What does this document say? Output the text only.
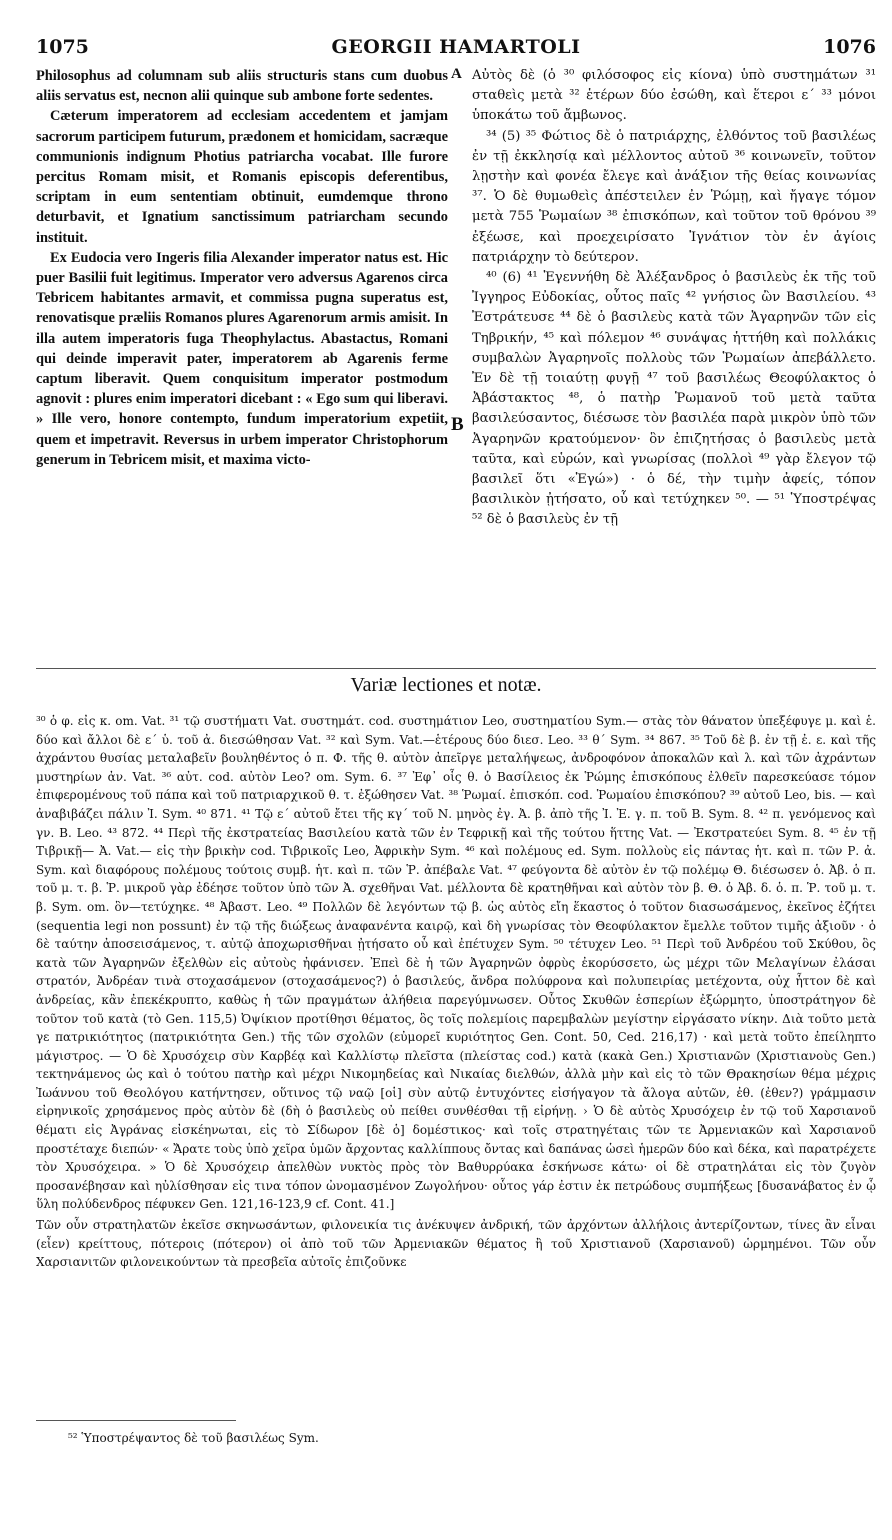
1075	GEORGII HAMARTOLI	1076

Philosophus ad columnam sub aliis structuris stans cum duobus aliis servatus est, necnon alii quinque sub ambone forte sedentes.

Cæterum imperatorem ad ecclesiam accedentem et jamjam sacrorum participem futurum, prædonem et homicidam, sacræque communionis indignum Photius patriarcha vocabat. Ille furore percitus Romam misit, et Romanis episcopis deferentibus, scriptam in eum sententiam obtinuit, eumdemque throno deturbavit, et Ignatium sanctissimum patriarcham secundo instituit.

Ex Eudocia vero Ingeris filia Alexander imperator natus est. Hic puer Basilii fuit legitimus. Imperator vero adversus Agarenos circa Tebricem habitantes armavit, et commissa pugna superatus est, renovatisque præliis Romanos plures Agarenorum armis amisit. In illa autem imperatoris fuga Theophylactus. Abastactus, Romani qui deinde imperavit pater, imperatorem ab Agarenis ferme captum liberavit. Quem conquisitum imperator postmodum agnovit : plures enim imperatori dicebant : « Ego sum qui liberavi. » Ille vero, honore contempto, fundum imperatorium expetiit, quem et impetravit. Reversus in urbem imperator Christophorum generum in Tebricem misit, et maxima victo-

A
B

Αὐτὸς δὲ (ὁ ³⁰ φιλόσοφος εἰς κίονα) ὑπὸ συστημάτων ³¹ σταθεὶς μετὰ ³² ἑτέρων δύο ἐσώθη, καὶ ἕτεροι ε´ ³³ μόνοι ὑποκάτω τοῦ ἄμβωνος.

³⁴ (5) ³⁵ Φώτιος δὲ ὁ πατριάρχης, ἐλθόντος τοῦ βασιλέως ἐν τῇ ἐκκλησίᾳ καὶ μέλλοντος αὐτοῦ ³⁶ κοινωνεῖν, τοῦτον λῃστὴν καὶ φονέα ἔλεγε καὶ ἀνάξιον τῆς θείας κοινωνίας ³⁷. Ὁ δὲ θυμωθεὶς ἀπέστειλεν ἐν Ῥώμῃ, καὶ ἤγαγε τόμον μετὰ 755 Ῥωμαίων ³⁸ ἐπισκόπων, καὶ τοῦτον τοῦ θρόνου ³⁹ ἐξέωσε, καὶ προεχειρίσατο Ἰγνάτιον τὸν ἐν ἁγίοις πατριάρχην τὸ δεύτερον.

⁴⁰ (6) ⁴¹ Ἐγεννήθη δὲ Ἀλέξανδρος ὁ βασιλεὺς ἐκ τῆς τοῦ Ἰγγηρος Εὐδοκίας, οὗτος παῖς ⁴² γνήσιος ὢν Βασιλείου. ⁴³ Ἐστράτευσε ⁴⁴ δὲ ὁ βασιλεὺς κατὰ τῶν Ἀγαρηνῶν τῶν εἰς Τηβρικήν, ⁴⁵ καὶ πόλεμον ⁴⁶ συνάψας ἡττήθη καὶ πολλάκις συμβαλὼν Ἀγαρηνοῖς πολλοὺς τῶν Ῥωμαίων ἀπεβάλλετο. Ἐν δὲ τῇ τοιαύτῃ φυγῇ ⁴⁷ τοῦ βασιλέως Θεοφύλακτος ὁ Ἀβάστακτος ⁴⁸, ὁ πατὴρ Ῥωμανοῦ τοῦ μετὰ ταῦτα βασιλεύσαντος, διέσωσε τὸν βασιλέα παρὰ μικρὸν ὑπὸ τῶν Ἀγαρηνῶν κρατούμενον· ὃν ἐπιζητήσας ὁ βασιλεὺς μετὰ ταῦτα, καὶ εὑρών, καὶ γνωρίσας (πολλοὶ ⁴⁹ γὰρ ἔλεγον τῷ βασιλεῖ ὅτι «Ἐγώ») · ὁ δέ, τὴν τιμὴν ἀφείς, τόπον βασιλικὸν ᾐτήσατο, οὗ καὶ τετύχηκεν ⁵⁰. — ⁵¹ Ὑποστρέψας ⁵² δὲ ὁ βασιλεὺς ἐν τῇ

Variæ lectiones et notæ.

³⁰ ὁ φ. εἰς κ. om. Vat. ³¹ τῷ συστήματι Vat. συστημάτ. cod. συστημάτιον Leo, συστηματίου Sym.— στὰς τὸν θάνατον ὑπεξέφυγε μ. καὶ ἑ. δύο καὶ ἄλλοι δὲ ε´ ὑ. τοῦ ἀ. διεσώθησαν Vat. ³² καὶ Sym. Vat.—ἑτέρους δύο διεσ. Leo. ³³ θ´ Sym. ³⁴ 867. ³⁵ Τοῦ δὲ β. ἐν τῇ ἐ. ε. καὶ τῆς ἀχράντου θυσίας μεταλαβεῖν βουληθέντος ὁ π. Φ. τῆς θ. αὐτὸν ἀπεῖργε μεταλήψεως, ἀνδροφόνον ἀποκαλῶν καὶ λ. καὶ τῶν ἀχράντων μυστηρίων ἀν. Vat. ³⁶ αὐτ. cod. αὐτὸν Leo? om. Sym. 6. ³⁷ Ἐφ᾽ οἷς θ. ὁ Βασίλειος ἐκ Ῥώμης ἐπισκόπους ἐλθεῖν παρεσκεύασε τόμον ἐπιφερομένους τοῦ πάπα καὶ τοῦ πατριαρχικοῦ θ. τ. ἐξώθησεν Vat. ³⁸ Ῥωμαί. ἐπισκόπ. cod. Ῥωμαίου ἐπισκόπου? ³⁹ αὐτοῦ Leo, bis. — καὶ ἀναβιβάζει πάλιν Ἰ. Sym. ⁴⁰ 871. ⁴¹ Τῷ ε´ αὐτοῦ ἔτει τῆς κγ´ τοῦ Ν. μηνὸς ἐγ. Ἀ. β. ἀπὸ τῆς Ἰ. Ἐ. γ. π. τοῦ Β. Sym. 8. ⁴² π. γενόμενος καὶ γν. Β. Leo. ⁴³ 872. ⁴⁴ Περὶ τῆς ἐκστρατείας Βασιλείου κατὰ τῶν ἐν Τεφρικῇ καὶ τῆς τούτου ἥττης Vat. — Ἐκστρατεύει Sym. 8. ⁴⁵ ἐν τῇ Τιβρικῇ— Ἀ. Vat.— εἰς τὴν βρικὴν cod. Τιβρικοῖς Leo, Ἀφρικὴν Sym. ⁴⁶ καὶ πολέμους ed. Sym. πολλοὺς εἰς πάντας ἡτ. καὶ π. τῶν Ρ. ἀ. Sym. καὶ διαφόρους πολέμους τούτοις συμβ. ἡτ. καὶ π. τῶν Ῥ. ἀπέβαλε Vat. ⁴⁷ φεύγοντα δὲ αὐτὸν ἐν τῷ πολέμῳ Θ. διέσωσεν ὁ. Ἀβ. ὁ π. τοῦ μ. τ. β. Ῥ. μικροῦ γὰρ ἐδέησε τοῦτον ὑπὸ τῶν Ἀ. σχεθῆναι Vat. μέλλοντα δὲ κρατηθῆναι καὶ αὐτὸν τὸν β. Θ. ὁ Ἀβ. δ. ὁ. π. Ῥ. τοῦ μ. τ. β. Sym. om. ὃν—τετύχηκε. ⁴⁸ Ἀβαστ. Leo. ⁴⁹ Πολλῶν δὲ λεγόντων τῷ β. ὡς αὐτὸς εἴη ἕκαστος ὁ τοῦτον διασωσάμενος, ἐκεῖνος ἐζήτει (sequentia legi non possunt) ἐν τῷ τῆς διώξεως ἀναφανέντα καιρῷ, καὶ δὴ γνωρίσας τὸν Θεοφύλακτον ἔμελλε τοῦτον τιμῆς ἀξιοῦν · ὁ δὲ ταύτην ἀποσεισάμενος, τ. αὐτῷ ἀποχωρισθῆναι ᾐτήσατο οὗ καὶ ἐπέτυχεν Sym. ⁵⁰ τέτυχεν Leo. ⁵¹ Περὶ τοῦ Ἀνδρέου τοῦ Σκύθου, ὃς κατὰ τῶν Ἀγαρηνῶν ἐξελθὼν εἰς αὐτοὺς ἠφάνισεν. Ἐπεὶ δὲ ἡ τῶν Ἀγαρηνῶν ὀφρὺς ἐκορύσσετο, ὡς μέχρι τῶν Μελαγίνων ἐλάσαι στρατόν, Ἀνδρέαν τινὰ στοχασάμενον (στοχασάμενος?) ὁ βασιλεύς, ἄνδρα πολύφρονα καὶ πολυπειρίας μετέχοντα, οὐχ ἧττον δὲ καὶ ἀνδρείας, κἂν ἐπεκέκρυπτο, καθὼς ἡ τῶν πραγμάτων ἀλήθεια παρεγύμνωσεν. Οὗτος Σκυθῶν ἑσπερίων ἐξώρμητο, ὑποστράτηγον δὲ τοῦτον τοῦ κατὰ (τὸ Gen. 115,5) Ὀψίκιον προτίθησι θέματος, ὃς τοῖς πολεμίοις παρεμβαλὼν μεγίστην εἰργάσατο νίκην. Διὰ τοῦτο μετὰ γε πατρικιότητος (πατρικιότητα Gen.) τῆς τῶν σχολῶν (εὐμορεῖ κυριότητος Gen. Cont. 50, Ced. 216,17) · καὶ μετὰ τοῦτο ἐπείληπτο μάγιστρος. — Ὁ δὲ Χρυσόχειρ σὺν Καρβέᾳ καὶ Καλλίστῳ πλεῖστα (πλείστας cod.) κατὰ (κακὰ Gen.) Χριστιανῶν (Χριστιανοὺς Gen.) τεκτηνάμενος ὡς καὶ ὁ τούτου πατὴρ καὶ μέχρι Νικομηδείας καὶ Νικαίας διελθών, ἀλλὰ μὴν καὶ εἰς τὸ τῶν Θρακησίων θέμα μέχρις Ἰωάννου τοῦ Θεολόγου κατήντησεν, οὕτινος τῷ ναῷ [οἱ] σὺν αὐτῷ ἐντυχόντες εἰσήγαγον τὰ ἄλογα αὐτῶν, ἐθ. (ἐθεν?) γράμμασιν εἰρηνικοῖς χρησάμενος πρὸς αὐτὸν δὲ (δὴ ὁ βασιλεὺς οὐ πείθει συνθέσθαι τῇ εἰρήνῃ. › Ὁ δὲ αὐτὸς Χρυσόχειρ ἐν τῷ τοῦ Χαρσιανοῦ θέματι εἰς Ἀγράνας εἰσκέηνωται, εἰς τὸ Σίδωρον [δὲ ὁ] δομέστικος· καὶ τοῖς στρατηγέταις τῶν τε Ἀρμενιακῶν καὶ Χαρσιανοῦ προστέταχε διεπών· « Ἄρατε τοὺς ὑπὸ χεῖρα ὑμῶν ἄρχοντας καλλίππους ὄντας καὶ δαπάνας ὡσεὶ ἡμερῶν δύο καὶ δέκα, καὶ παρατρέχετε τὸν Χρυσόχειρα. » Ὁ δὲ Χρυσόχειρ ἀπελθὼν νυκτὸς πρὸς τὸν Βαθυρρύακα ἐσκήνωσε κάτω· οἱ δὲ στρατηλάται εἰς τὸν ζυγὸν προσανέβησαν καὶ ηὐλίσθησαν εἰς τινα τόπον ὠνομασμένον Ζωγολήνου· οὗτος γάρ ἐστιν ἐκ πετρώδους συμπήξεως [δυσανάβατος ἐν ᾧ ὕλη πολύδενδρος πέφυκεν Gen. 121,16-123,9 cf. Cont. 41.]

Τῶν οὖν στρατηλατῶν ἐκεῖσε σκηνωσάντων, φιλονεικία τις ἀνέκυψεν ἀνδρική, τῶν ἀρχόντων ἀλλήλοις ἀντερίζοντων, τίνες ἂν εἶναι (εἶεν) κρείττους, πότεροις (πότερον) οἱ ἀπὸ τοῦ τῶν Ἀρμενιακῶν θέματος ἢ τοῦ Χριστιανοῦ (Χαρσιανοῦ) ὡρμημένοι. Τῶν οὖν Χαρσιανιτῶν φιλονεικούντων τὰ πρεσβεῖα αὐτοῖς ἐπιζοῦνκε

⁵² Ὑποστρέψαντος δὲ τοῦ βασιλέως Sym.
